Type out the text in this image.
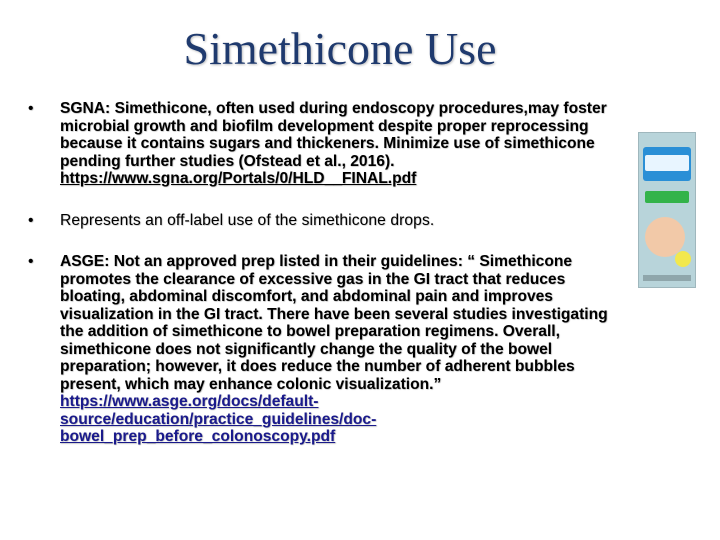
Simethicone Use
• SGNA: Simethicone, often used during endoscopy procedures,may foster microbial growth and biofilm development despite proper reprocessing because it contains sugars and thickeners. Minimize use of simethicone pending further studies (Ofstead et al., 2016).
https://www.sgna.org/Portals/0/HLD__FINAL.pdf
• Represents an off-label use of the simethicone drops.
• ASGE: Not an approved prep listed in their guidelines: “ Simethicone promotes the clearance of excessive gas in the GI tract that reduces bloating, abdominal discomfort, and abdominal pain and improves visualization in the GI tract. There have been several studies investigating the addition of simethicone to bowel preparation regimens. Overall, simethicone does not significantly change the quality of the bowel preparation; however, it does reduce the number of adherent bubbles present, which may enhance colonic visualization.” https://www.asge.org/docs/default-source/education/practice_guidelines/doc-bowel_prep_before_colonoscopy.pdf
